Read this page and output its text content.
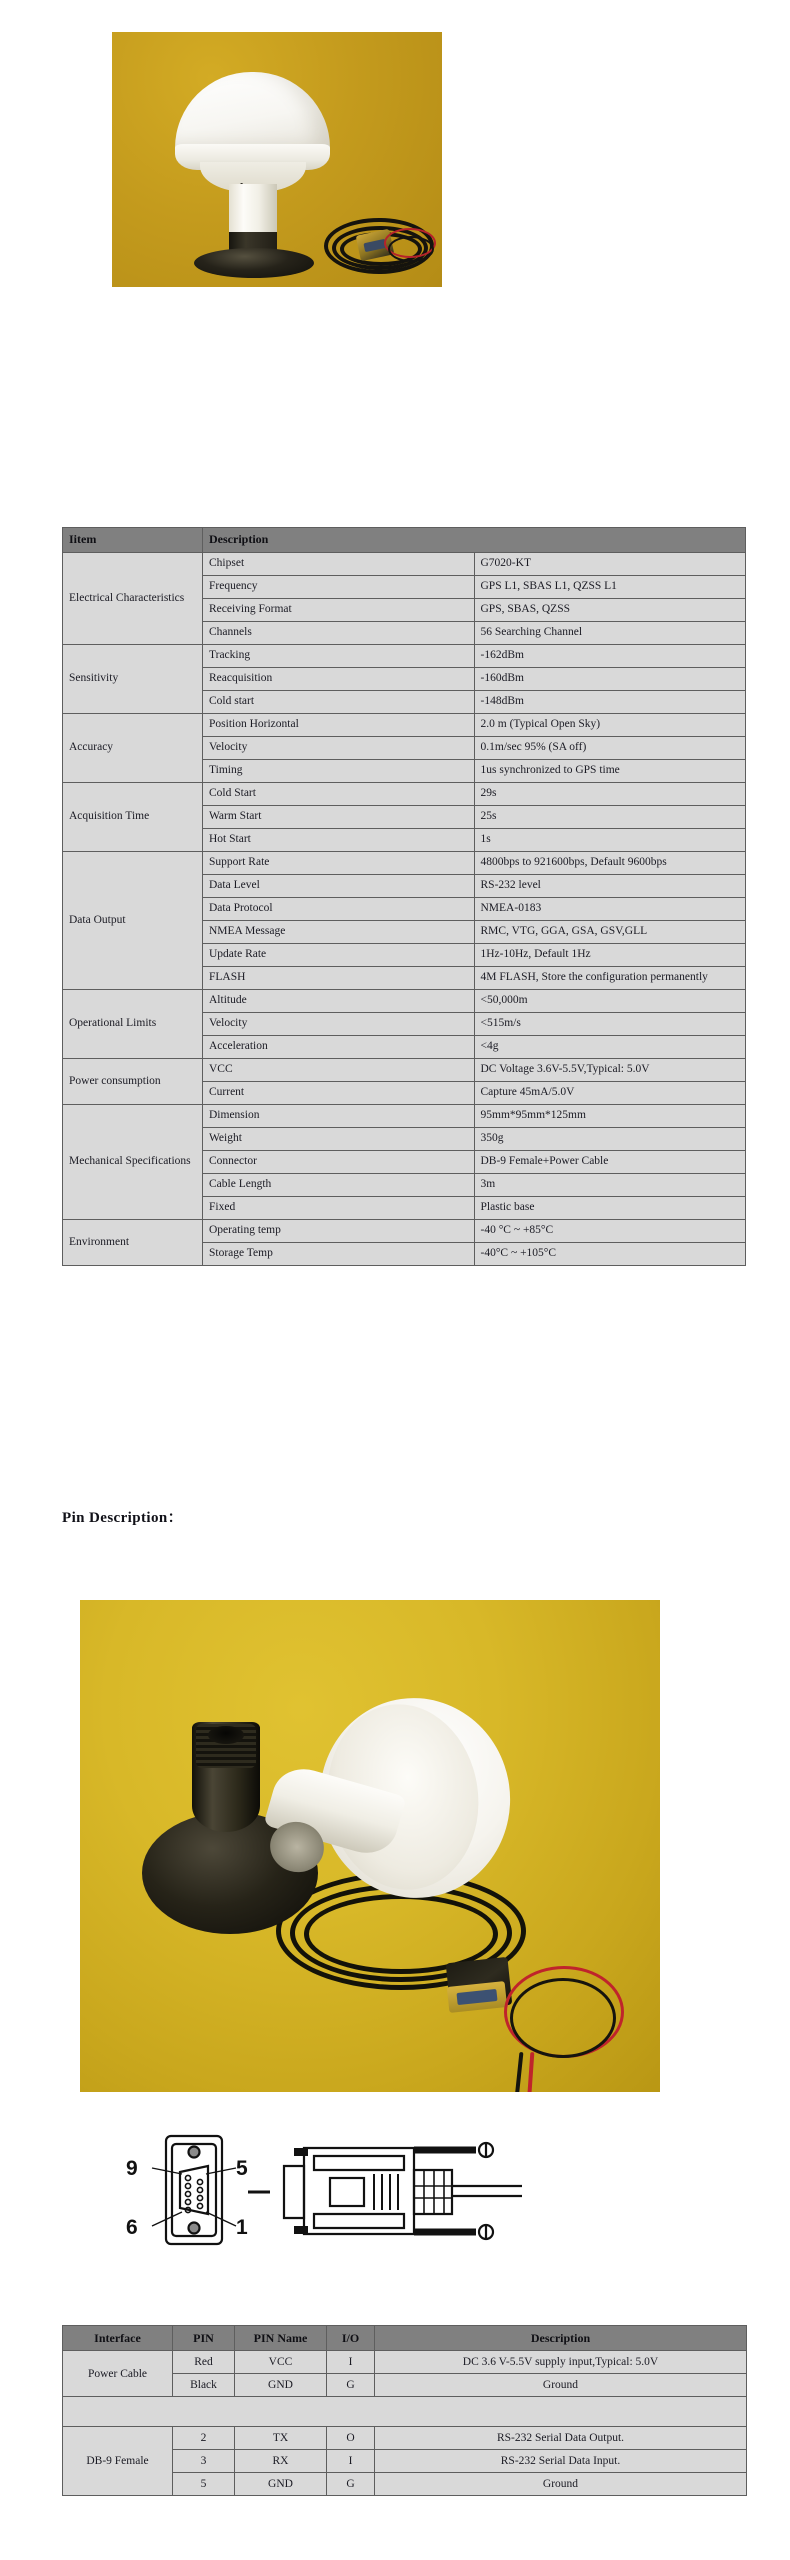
Iitem	Description	
Electrical Characteristics	Chipset	G7020-KT
	Frequency	GPS L1, SBAS L1, QZSS L1
	Receiving Format	GPS, SBAS, QZSS
	Channels	56 Searching Channel
Sensitivity	Tracking	-162dBm
	Reacquisition	-160dBm
	Cold start	-148dBm
Accuracy	Position Horizontal	2.0 m (Typical Open Sky)
	Velocity	0.1m/sec 95% (SA off)
	Timing	1us synchronized to GPS time
Acquisition Time	Cold Start	29s
	Warm Start	25s
	Hot Start	1s
Data Output	Support Rate	4800bps to 921600bps, Default 9600bps
	Data Level	RS-232 level
	Data Protocol	NMEA-0183
	NMEA Message	RMC, VTG, GGA, GSA, GSV,GLL
	Update Rate	1Hz-10Hz, Default 1Hz
	FLASH	4M FLASH, Store the configuration permanently
Operational Limits	Altitude	<50,000m
	Velocity	<515m/s
	Acceleration	<4g
Power consumption	VCC	DC Voltage 3.6V-5.5V,Typical: 5.0V
	Current	Capture 45mA/5.0V
Mechanical Specifications	Dimension	95mm*95mm*125mm
	Weight	350g
	Connector	DB-9 Female+Power Cable
	Cable Length	3m
	Fixed	Plastic base
Environment	Operating temp	-40 °C ~ +85°C
	Storage Temp	-40°C ~ +105°C
Pin Description：
9	5
6	1
Interface	PIN	PIN Name	I/O	Description
Power Cable	Red	VCC	I	DC 3.6 V-5.5V supply input,Typical: 5.0V
	Black	GND	G	Ground

DB-9 Female	2	TX	O	RS-232 Serial Data Output.
	3	RX	I	RS-232 Serial Data Input.
	5	GND	G	Ground
